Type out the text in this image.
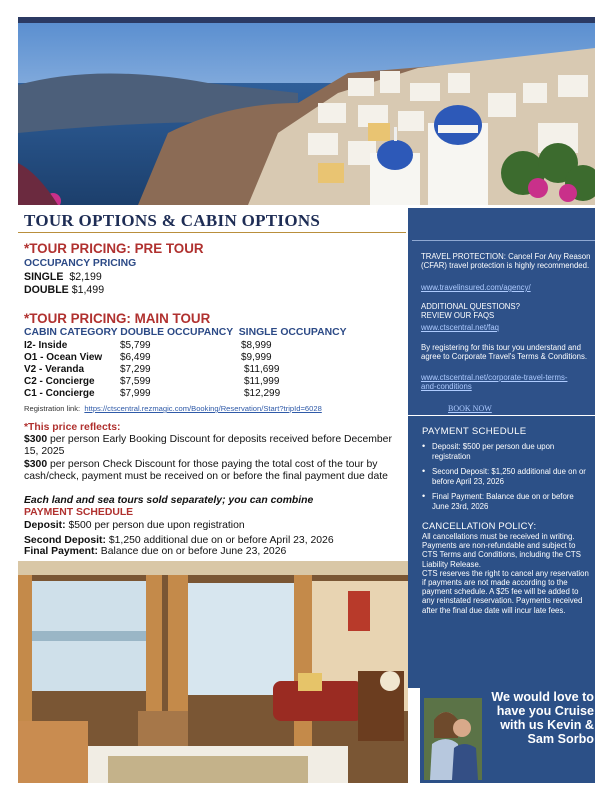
TOUR OPTIONS & CABIN OPTIONS
*TOUR PRICING: PRE TOUR
OCCUPANCY PRICING
SINGLE $2,199
DOUBLE $1,499
*TOUR PRICING: MAIN TOUR
CABIN CATEGORY DOUBLE OCCUPANCY  SINGLE OCCUPANCY
I2- Inside	$5,799	$8,999
O1 - Ocean View $6,499	$9,999
V2 - Veranda	$7,299	$11,699
C2 - Concierge	$7,599	$11,999
C1 - Concierge	$7,999	$12,299
Registration link: https://ctscentral.rezmagic.com/Booking/Reservation/Start?tripId=6028
*This price reflects:
$300 per person Early Booking Discount for deposits received before December 15, 2025
$300 per person Check Discount for those paying the total cost of the tour by cash/check, payment must be received on or before the final payment due date
Each land and sea tours sold separately; you can combine
PAYMENT SCHEDULE
Deposit: $500 per person due upon registration
Second Deposit: $1,250 additional due on or before April 23, 2026
Final Payment: Balance due on or before June 23, 2026
TRAVEL PROTECTION: Cancel For Any Reason (CFAR) travel protection is highly recommended.
www.travelinsured.com/agency/
ADDITIONAL QUESTIONS?
REVIEW OUR FAQS
www.ctscentral.net/faq
By registering for this tour you understand and agree to Corporate Travel's Terms & Conditions.
www.ctscentral.net/corporate-travel-terms-and-conditions
BOOK NOW
PAYMENT SCHEDULE
• Deposit: $500 per person due upon registration
• Second Deposit: $1,250 additional due on or before April 23, 2026
• Final Payment: Balance due on or before June 23rd, 2026
CANCELLATION POLICY:
All cancellations must be received in writing. Payments are non-refundable and subject to CTS Terms and Conditions, including the CTS Liability Release.
CTS reserves the right to cancel any reservation if payments are not made according to the payment schedule. A $25 fee will be added to any reinstated reservation. Payments received after the final due date will incur late fees.
We would love to have you Cruise with us Kevin & Sam Sorbo
